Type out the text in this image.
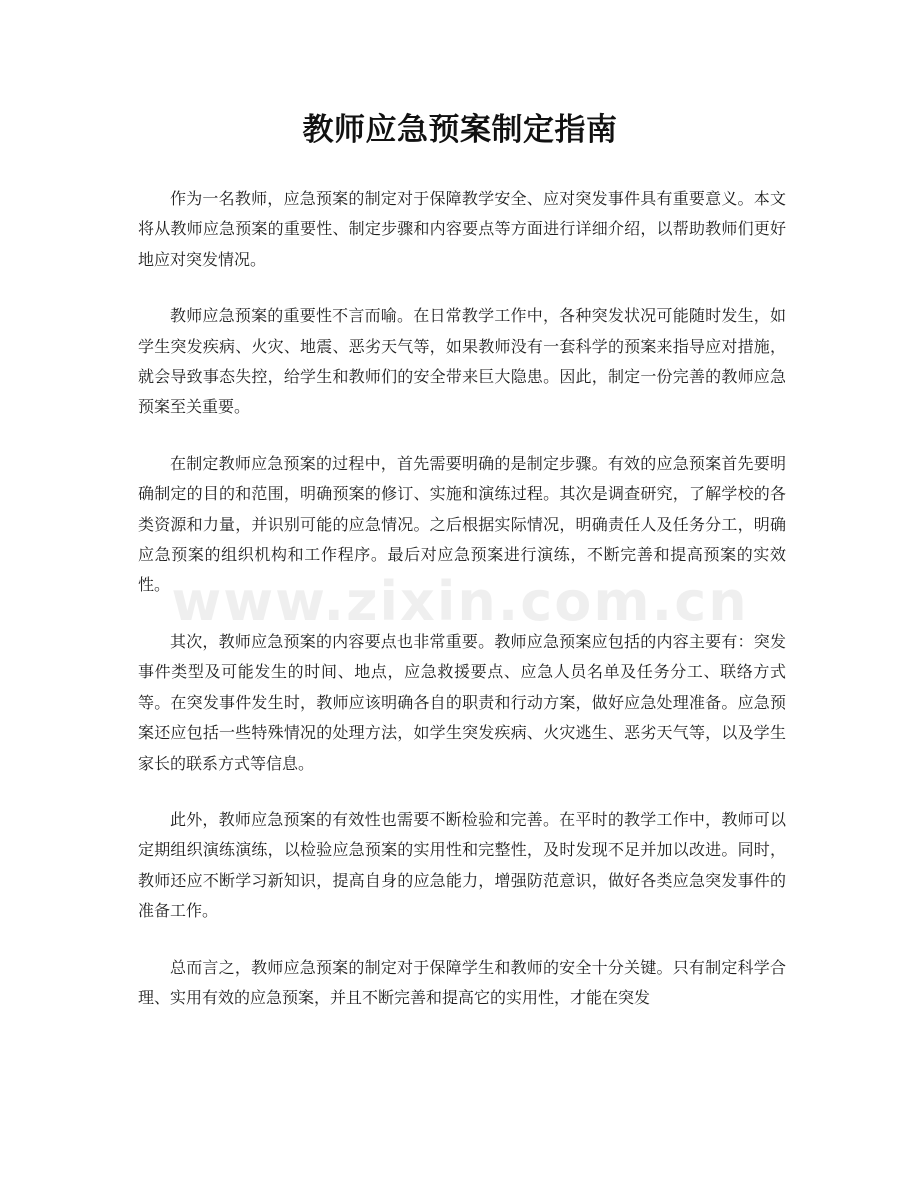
教师应急预案制定指南

作为一名教师，应急预案的制定对于保障教学安全、应对突发事件具有重要意义。本文将从教师应急预案的重要性、制定步骤和内容要点等方面进行详细介绍，以帮助教师们更好地应对突发情况。

教师应急预案的重要性不言而喻。在日常教学工作中，各种突发状况可能随时发生，如学生突发疾病、火灾、地震、恶劣天气等，如果教师没有一套科学的预案来指导应对措施，就会导致事态失控，给学生和教师们的安全带来巨大隐患。因此，制定一份完善的教师应急预案至关重要。

在制定教师应急预案的过程中，首先需要明确的是制定步骤。有效的应急预案首先要明确制定的目的和范围，明确预案的修订、实施和演练过程。其次是调查研究，了解学校的各类资源和力量，并识别可能的应急情况。之后根据实际情况，明确责任人及任务分工，明确应急预案的组织机构和工作程序。最后对应急预案进行演练，不断完善和提高预案的实效性。

其次，教师应急预案的内容要点也非常重要。教师应急预案应包括的内容主要有：突发事件类型及可能发生的时间、地点，应急救援要点、应急人员名单及任务分工、联络方式等。在突发事件发生时，教师应该明确各自的职责和行动方案，做好应急处理准备。应急预案还应包括一些特殊情况的处理方法，如学生突发疾病、火灾逃生、恶劣天气等，以及学生家长的联系方式等信息。

此外，教师应急预案的有效性也需要不断检验和完善。在平时的教学工作中，教师可以定期组织演练演练，以检验应急预案的实用性和完整性，及时发现不足并加以改进。同时，教师还应不断学习新知识，提高自身的应急能力，增强防范意识，做好各类应急突发事件的准备工作。

总而言之，教师应急预案的制定对于保障学生和教师的安全十分关键。只有制定科学合理、实用有效的应急预案，并且不断完善和提高它的实用性，才能在突发

www.zixin.com.cn
